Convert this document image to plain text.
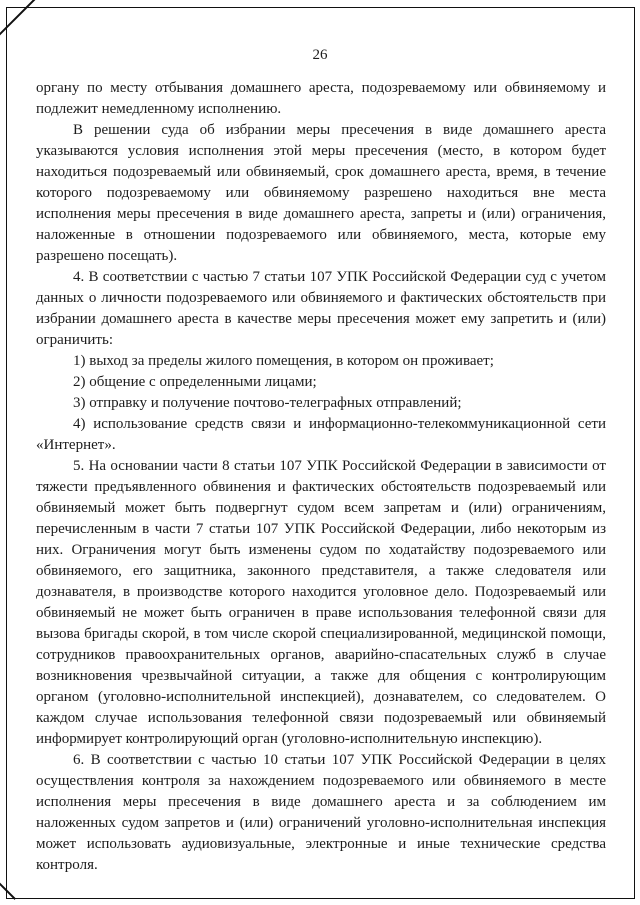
26

органу по месту отбывания домашнего ареста, подозреваемому или обвиняемому и подлежит немедленному исполнению.

В решении суда об избрании меры пресечения в виде домашнего ареста указываются условия исполнения этой меры пресечения (место, в котором будет находиться подозреваемый или обвиняемый, срок домашнего ареста, время, в течение которого подозреваемому или обвиняемому разрешено находиться вне места исполнения меры пресечения в виде домашнего ареста, запреты и (или) ограничения, наложенные в отношении подозреваемого или обвиняемого, места, которые ему разрешено посещать).

4. В соответствии с частью 7 статьи 107 УПК Российской Федерации суд с учетом данных о личности подозреваемого или обвиняемого и фактических обстоятельств при избрании домашнего ареста в качестве меры пресечения может ему запретить и (или) ограничить:

1) выход за пределы жилого помещения, в котором он проживает;

2) общение с определенными лицами;

3) отправку и получение почтово-телеграфных отправлений;

4) использование средств связи и информационно-телекоммуникационной сети «Интернет».

5. На основании части 8 статьи 107 УПК Российской Федерации в зависимости от тяжести предъявленного обвинения и фактических обстоятельств подозреваемый или обвиняемый может быть подвергнут судом всем запретам и (или) ограничениям, перечисленным в части 7 статьи 107 УПК Российской Федерации, либо некоторым из них. Ограничения могут быть изменены судом по ходатайству подозреваемого или обвиняемого, его защитника, законного представителя, а также следователя или дознавателя, в производстве которого находится уголовное дело. Подозреваемый или обвиняемый не может быть ограничен в праве использования телефонной связи для вызова бригады скорой, в том числе скорой специализированной, медицинской помощи, сотрудников правоохранительных органов, аварийно-спасательных служб в случае возникновения чрезвычайной ситуации, а также для общения с контролирующим органом (уголовно-исполнительной инспекцией), дознавателем, со следователем. О каждом случае использования телефонной связи подозреваемый или обвиняемый информирует контролирующий орган (уголовно-исполнительную инспекцию).

6. В соответствии с частью 10 статьи 107 УПК Российской Федерации в целях осуществления контроля за нахождением подозреваемого или обвиняемого в месте исполнения меры пресечения в виде домашнего ареста и за соблюдением им наложенных судом запретов и (или) ограничений уголовно-исполнительная инспекция может использовать аудиовизуальные, электронные и иные технические средства контроля.
